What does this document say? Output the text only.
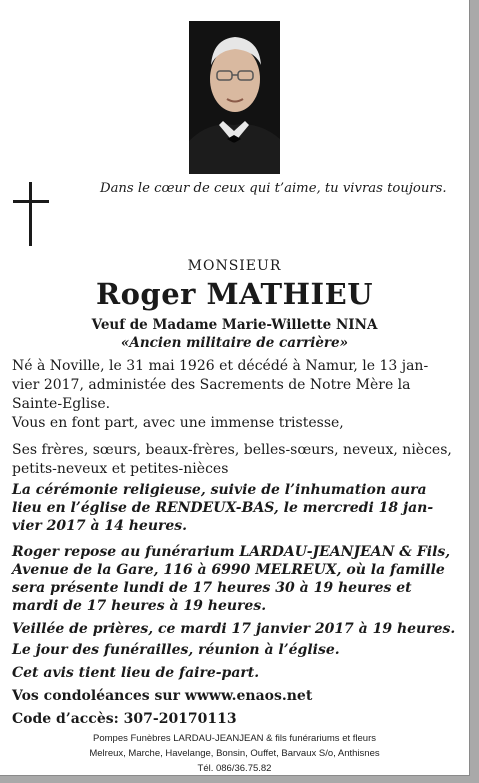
Dans le cœur de ceux qui t’aime, tu vivras toujours.
MONSIEUR
Roger MATHIEU
Veuf de Madame Marie-Willette NINA
«Ancien militaire de carrière»
Né à Noville, le 31 mai 1926 et décédé à Namur, le 13 jan-
vier 2017, administée des Sacrements de Notre Mère la
Sainte-Eglise.
Vous en font part, avec une immense tristesse,
Ses frères, sœurs, beaux-frères, belles-sœurs, neveux, nièces,
petits-neveux et petites-nièces
La cérémonie religieuse, suivie de l’inhumation aura
lieu en l’église de RENDEUX-BAS, le mercredi 18 jan-
vier 2017 à 14 heures.
Roger repose au funérarium LARDAU-JEANJEAN & Fils,
Avenue de la Gare, 116 à 6990 MELREUX, où la famille
sera présente lundi de 17 heures 30 à 19 heures et
mardi de 17 heures à 19 heures.
Veillée de prières, ce mardi 17 janvier 2017 à 19 heures.
Le jour des funérailles, réunion à l’église.
Cet avis tient lieu de faire-part.
Vos condoléances sur wwww.enaos.net
Code d’accès: 307-20170113
Pompes Funèbres LARDAU-JEANJEAN & fils funérariums et fleurs
Melreux, Marche, Havelange, Bonsin, Ouffet, Barvaux S/o, Anthisnes
Tél. 086/36.75.82
